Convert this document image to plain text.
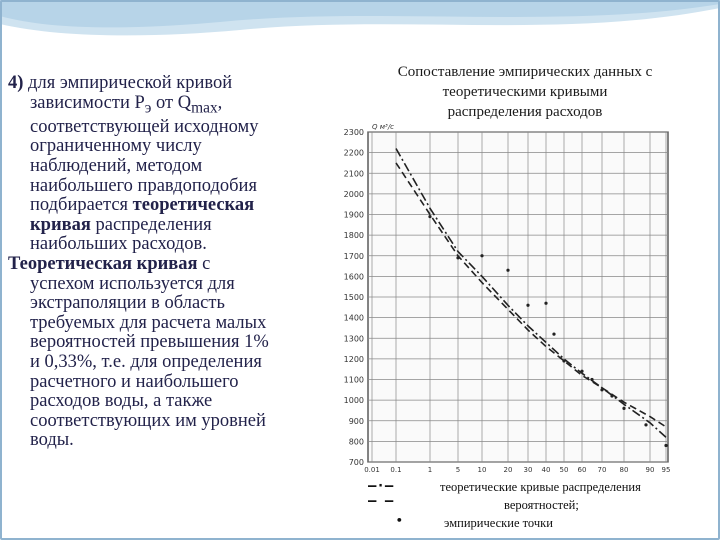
4) для эмпирической кривой

зависимости $P_э$ от $Q_{max}$,
соответствующей исходному
ограниченному числу
наблюдений, методом
наибольшего правдоподобия
подбирается теоретическая
кривая распределения
наибольших расходов.

Теоретическая кривая с

успехом используется для
экстраполяции в область
требуемых для расчета малых
вероятностей превышения 1%
и 0,33%, т.е. для определения
расчетного и наибольшего
расходов воды, а также
соответствующих им уровней
воды.
Сопоставление эмпирических данных с
теоретическими кривыми
распределения расходов
2300
2200
2100
2000
1900
1800
1700
1600
1500
1400
1300
1200
1100
1000
900
800
700
0.01 0.1	1	5 10 20 30 40 50 60 70 80 90 95
Q м³/с
–·–
– –
теоретические кривые распределения
вероятностей;
•	эмпирические точки
